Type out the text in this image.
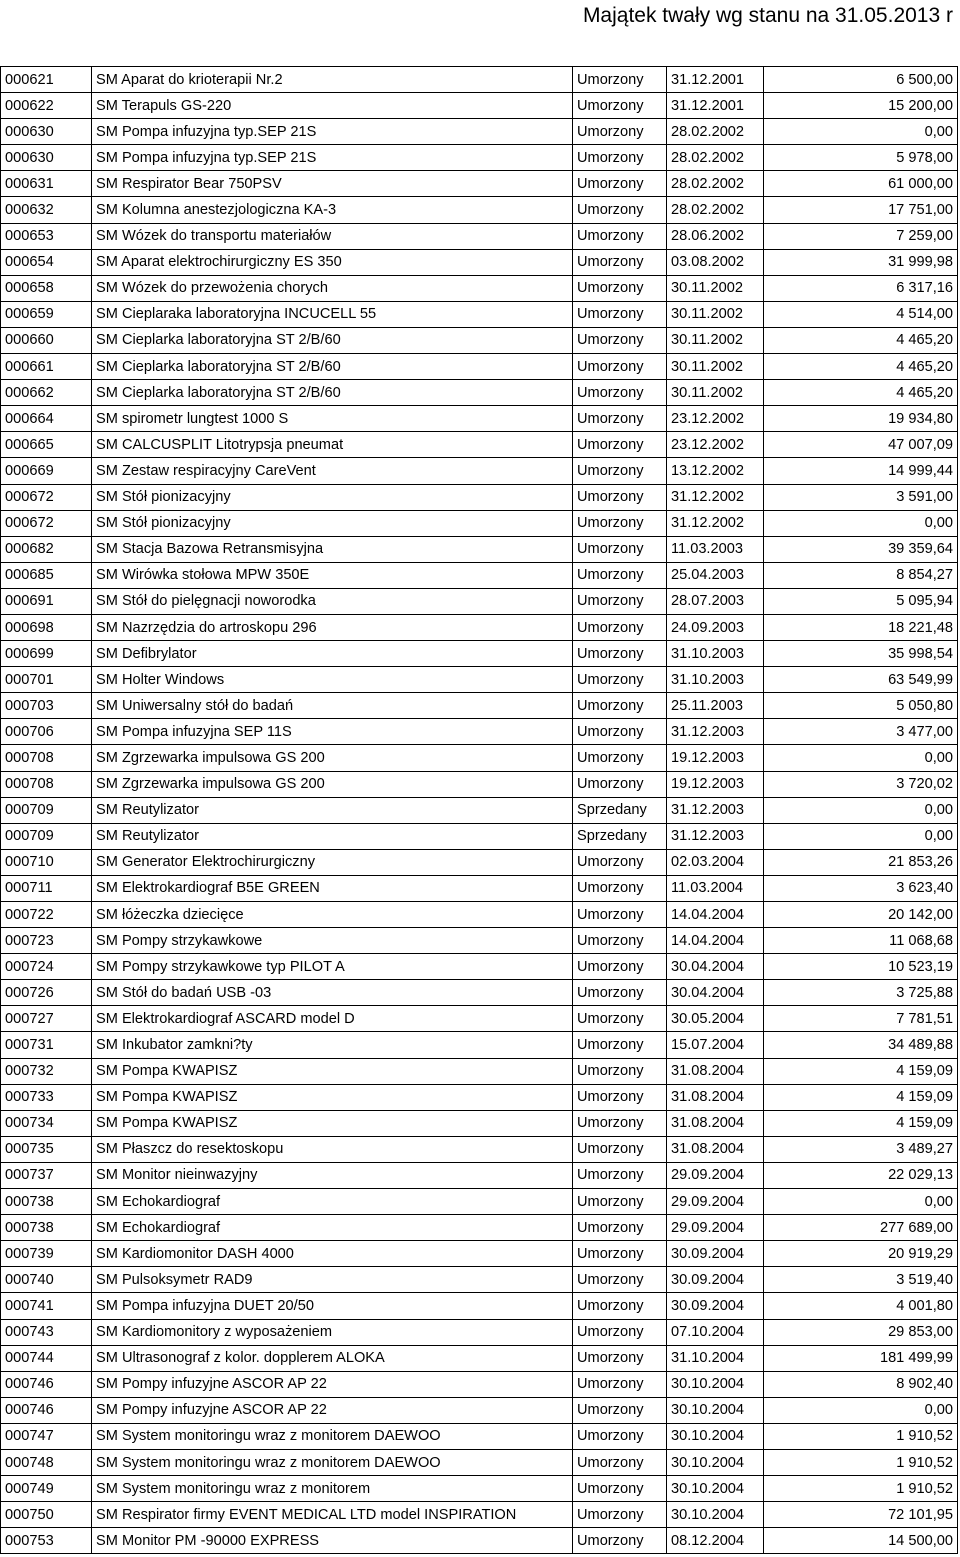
Majątek twały wg stanu na 31.05.2013 r
000621	SM Aparat do krioterapii Nr.2	Umorzony	31.12.2001	6 500,00
000622	SM Terapuls GS-220	Umorzony	31.12.2001	15 200,00
000630	SM Pompa infuzyjna typ.SEP 21S	Umorzony	28.02.2002	0,00
000630	SM Pompa infuzyjna typ.SEP 21S	Umorzony	28.02.2002	5 978,00
000631	SM Respirator Bear 750PSV	Umorzony	28.02.2002	61 000,00
000632	SM Kolumna anestezjologiczna KA-3	Umorzony	28.02.2002	17 751,00
000653	SM Wózek do transportu materiałów	Umorzony	28.06.2002	7 259,00
000654	SM Aparat elektrochirurgiczny ES 350	Umorzony	03.08.2002	31 999,98
000658	SM Wózek do przewożenia chorych	Umorzony	30.11.2002	6 317,16
000659	SM Cieplaraka laboratoryjna INCUCELL 55	Umorzony	30.11.2002	4 514,00
000660	SM Cieplarka laboratoryjna ST 2/B/60	Umorzony	30.11.2002	4 465,20
000661	SM Cieplarka laboratoryjna ST 2/B/60	Umorzony	30.11.2002	4 465,20
000662	SM Cieplarka laboratoryjna ST 2/B/60	Umorzony	30.11.2002	4 465,20
000664	SM spirometr lungtest 1000 S	Umorzony	23.12.2002	19 934,80
000665	SM CALCUSPLIT Litotrypsja pneumat	Umorzony	23.12.2002	47 007,09
000669	SM Zestaw respiracyjny CareVent	Umorzony	13.12.2002	14 999,44
000672	SM Stół pionizacyjny	Umorzony	31.12.2002	3 591,00
000672	SM Stół pionizacyjny	Umorzony	31.12.2002	0,00
000682	SM Stacja Bazowa Retransmisyjna	Umorzony	11.03.2003	39 359,64
000685	SM Wirówka stołowa MPW 350E	Umorzony	25.04.2003	8 854,27
000691	SM Stół do pielęgnacji noworodka	Umorzony	28.07.2003	5 095,94
000698	SM Nazrzędzia do artroskopu 296	Umorzony	24.09.2003	18 221,48
000699	SM Defibrylator	Umorzony	31.10.2003	35 998,54
000701	SM Holter Windows	Umorzony	31.10.2003	63 549,99
000703	SM Uniwersalny stół do badań	Umorzony	25.11.2003	5 050,80
000706	SM Pompa infuzyjna SEP 11S	Umorzony	31.12.2003	3 477,00
000708	SM Zgrzewarka impulsowa GS 200	Umorzony	19.12.2003	0,00
000708	SM Zgrzewarka impulsowa GS 200	Umorzony	19.12.2003	3 720,02
000709	SM Reutylizator	Sprzedany	31.12.2003	0,00
000709	SM Reutylizator	Sprzedany	31.12.2003	0,00
000710	SM Generator Elektrochirurgiczny	Umorzony	02.03.2004	21 853,26
000711	SM Elektrokardiograf B5E GREEN	Umorzony	11.03.2004	3 623,40
000722	SM łóżeczka dziecięce	Umorzony	14.04.2004	20 142,00
000723	SM Pompy strzykawkowe	Umorzony	14.04.2004	11 068,68
000724	SM Pompy strzykawkowe typ PILOT A	Umorzony	30.04.2004	10 523,19
000726	SM Stół do badań USB -03	Umorzony	30.04.2004	3 725,88
000727	SM Elektrokardiograf ASCARD model D	Umorzony	30.05.2004	7 781,51
000731	SM Inkubator zamkni?ty	Umorzony	15.07.2004	34 489,88
000732	SM Pompa KWAPISZ	Umorzony	31.08.2004	4 159,09
000733	SM Pompa KWAPISZ	Umorzony	31.08.2004	4 159,09
000734	SM Pompa KWAPISZ	Umorzony	31.08.2004	4 159,09
000735	SM Płaszcz do resektoskopu	Umorzony	31.08.2004	3 489,27
000737	SM Monitor nieinwazyjny	Umorzony	29.09.2004	22 029,13
000738	SM Echokardiograf	Umorzony	29.09.2004	0,00
000738	SM Echokardiograf	Umorzony	29.09.2004	277 689,00
000739	SM Kardiomonitor DASH 4000	Umorzony	30.09.2004	20 919,29
000740	SM Pulsoksymetr RAD9	Umorzony	30.09.2004	3 519,40
000741	SM Pompa infuzyjna DUET 20/50	Umorzony	30.09.2004	4 001,80
000743	SM Kardiomonitory z wyposażeniem	Umorzony	07.10.2004	29 853,00
000744	SM Ultrasonograf z kolor. dopplerem ALOKA	Umorzony	31.10.2004	181 499,99
000746	SM Pompy infuzyjne ASCOR AP 22	Umorzony	30.10.2004	8 902,40
000746	SM Pompy infuzyjne ASCOR AP 22	Umorzony	30.10.2004	0,00
000747	SM System monitoringu wraz z monitorem DAEWOO	Umorzony	30.10.2004	1 910,52
000748	SM System monitoringu wraz z monitorem DAEWOO	Umorzony	30.10.2004	1 910,52
000749	SM System monitoringu wraz z monitorem	Umorzony	30.10.2004	1 910,52
000750	SM Respirator firmy EVENT MEDICAL LTD model INSPIRATION	Umorzony	30.10.2004	72 101,95
000753	SM Monitor PM -90000 EXPRESS	Umorzony	08.12.2004	14 500,00
